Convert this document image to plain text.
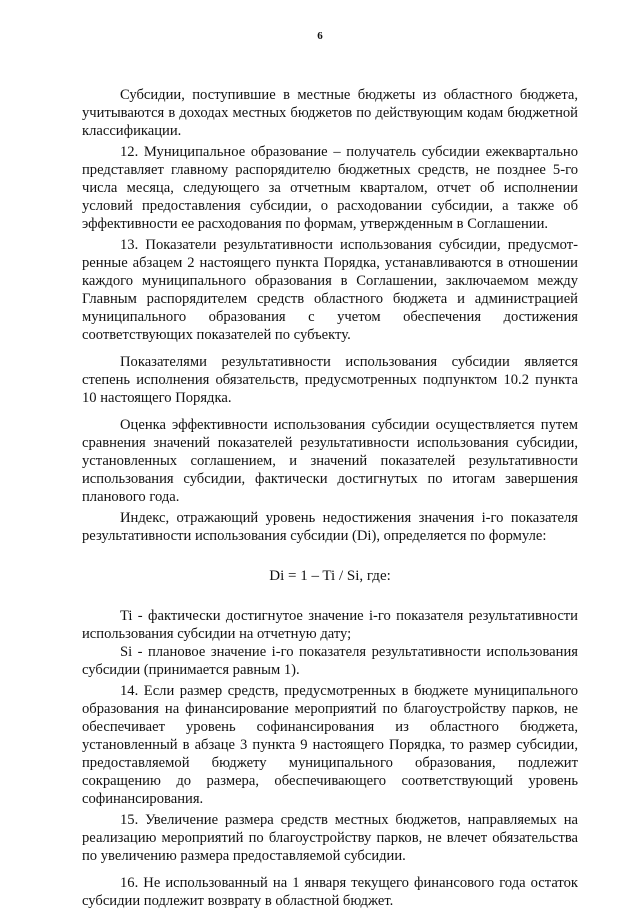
6

Субсидии, поступившие в местные бюджеты из областного бюджета, учитываются в доходах местных бюджетов по действующим кодам бюджетной классификации.

12. Муниципальное образование – получатель субсидии ежеквартально представляет главному распорядителю бюджетных средств, не позднее 5-го числа месяца, следующего за отчетным кварталом, отчет об исполнении условий предоставления субсидии, о расходовании субсидии, а также об эффективности ее расходования по формам, утвержденным в Соглашении.

13. Показатели результативности использования субсидии, предусмотренные абзацем 2 настоящего пункта Порядка, устанавливаются в отношении каждого муниципального образования в Соглашении, заключаемом между Главным распорядителем средств областного бюджета и администрацией муниципального образования с учетом обеспечения достижения соответствующих показателей по субъекту.

Показателями результативности использования субсидии является степень исполнения обязательств, предусмотренных подпунктом 10.2 пункта 10 настоящего Порядка.

Оценка эффективности использования субсидии осуществляется путем сравнения значений показателей результативности использования субсидии, установленных соглашением, и значений показателей результативности использования субсидии, фактически достигнутых по итогам завершения планового года.

Индекс, отражающий уровень недостижения значения i-го показателя результативности использования субсидии (Di), определяется по формуле:

Di = 1 – Ti / Si, где:

Ti - фактически достигнутое значение i-го показателя результативности использования субсидии на отчетную дату;

Si - плановое значение i-го показателя результативности использования субсидии (принимается равным 1).

14. Если размер средств, предусмотренных в бюджете муниципального образования на финансирование мероприятий по благоустройству парков, не обеспечивает уровень софинансирования из областного бюджета, установленный в абзаце 3 пункта 9 настоящего Порядка, то размер субсидии, предоставляемой бюджету муниципального образования, подлежит сокращению до размера, обеспечивающего соответствующий уровень софинансирования.

15. Увеличение размера средств местных бюджетов, направляемых на реализацию мероприятий по благоустройству парков, не влечет обязательства по увеличению размера предоставляемой субсидии.

16. Не использованный на 1 января текущего финансового года остаток субсидии подлежит возврату в областной бюджет.
